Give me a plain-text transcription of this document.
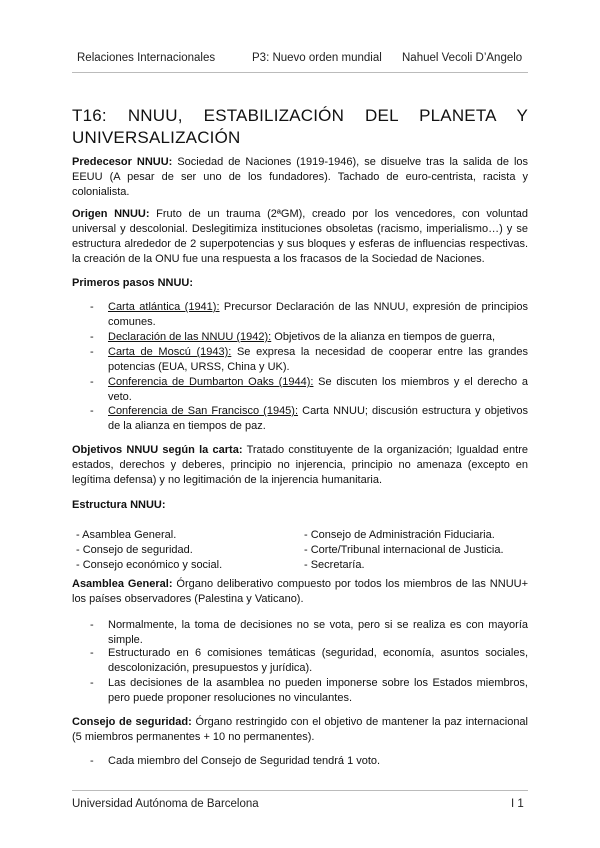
Relaciones Internacionales	P3: Nuevo orden mundial Nahuel Vecoli D’Angelo
T16: NNUU, ESTABILIZACIÓN DEL PLANETA Y
UNIVERSALIZACIÓN
Predecesor NNUU: Sociedad de Naciones (1919-1946), se disuelve tras la salida de los EEUU (A pesar de ser uno de los fundadores). Tachado de euro-centrista, racista y colonialista.
Origen NNUU: Fruto de un trauma (2ªGM), creado por los vencedores, con voluntad universal y descolonial. Deslegitimiza instituciones obsoletas (racismo, imperialismo…) y se estructura alrededor de 2 superpotencias y sus bloques y esferas de influencias respectivas. la creación de la ONU fue una respuesta a los fracasos de la Sociedad de Naciones.
Primeros pasos NNUU:
- Carta atlántica (1941): Precursor Declaración de las NNUU, expresión de principios comunes.
- Declaración de las NNUU (1942): Objetivos de la alianza en tiempos de guerra,
- Carta de Moscú (1943): Se expresa la necesidad de cooperar entre las grandes potencias (EUA, URSS, China y UK).
- Conferencia de Dumbarton Oaks (1944): Se discuten los miembros y el derecho a veto.
- Conferencia de San Francisco (1945): Carta NNUU; discusión estructura y objetivos de la alianza en tiempos de paz.
Objetivos NNUU según la carta: Tratado constituyente de la organización; Igualdad entre estados, derechos y deberes, principio no injerencia, principio no amenaza (excepto en legítima defensa) y no legitimación de la injerencia humanitaria.
Estructura NNUU:
- Asamblea General.
- Consejo de seguridad.
- Consejo económico y social.
- Consejo de Administración Fiduciaria.
- Corte/Tribunal internacional de Justicia.
- Secretaría.
Asamblea General: Órgano deliberativo compuesto por todos los miembros de las NNUU+ los países observadores (Palestina y Vaticano).
- Normalmente, la toma de decisiones no se vota, pero si se realiza es con mayoría simple.
- Estructurado en 6 comisiones temáticas (seguridad, economía, asuntos sociales, descolonización, presupuestos y jurídica).
- Las decisiones de la asamblea no pueden imponerse sobre los Estados miembros, pero puede proponer resoluciones no vinculantes.
Consejo de seguridad: Órgano restringido con el objetivo de mantener la paz internacional (5 miembros permanentes + 10 no permanentes).
- Cada miembro del Consejo de Seguridad tendrá 1 voto.
Universidad Autónoma de Barcelona	I 1
